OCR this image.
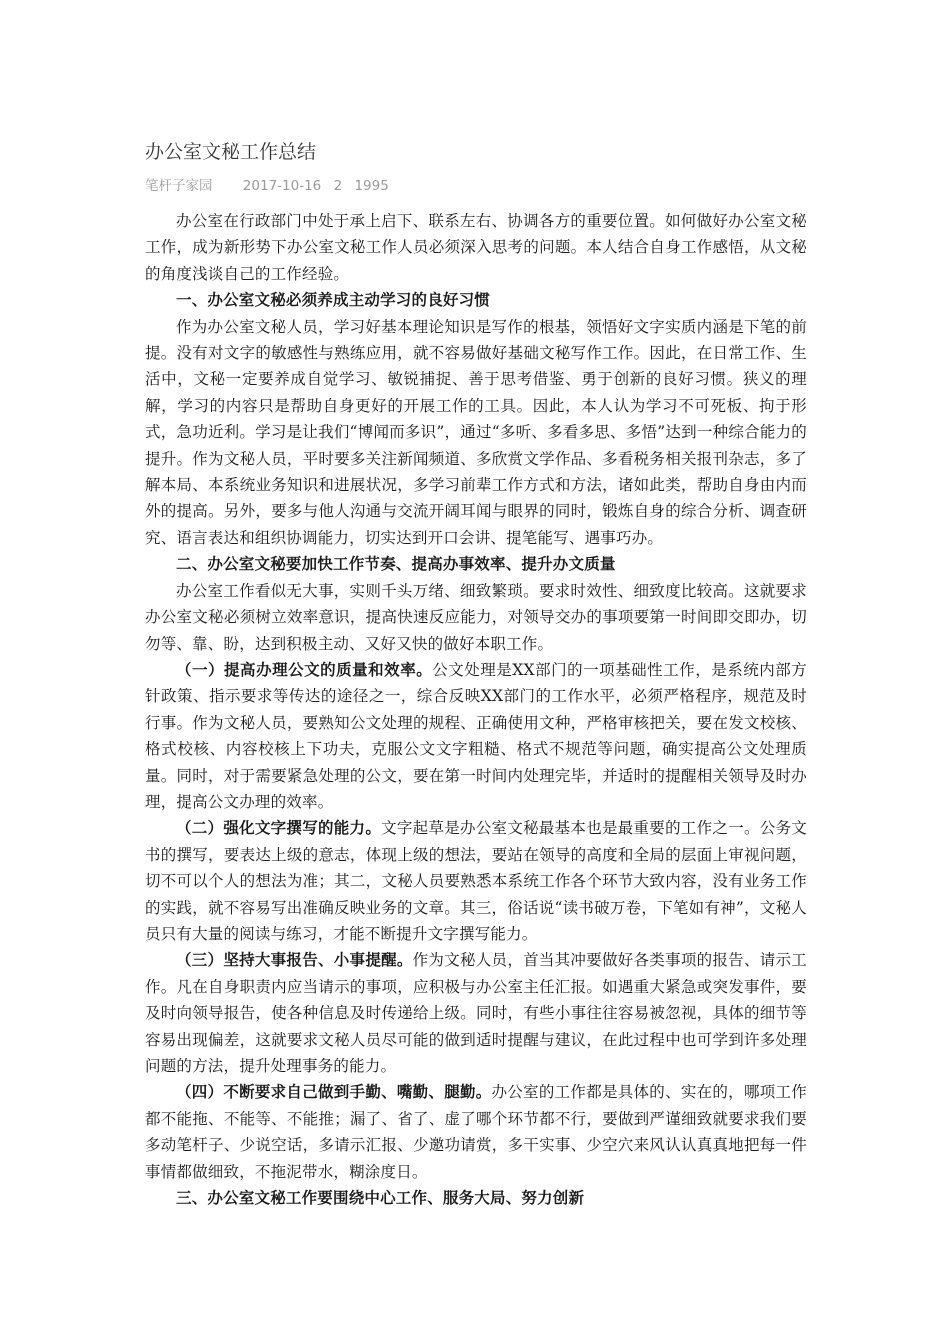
办公室文秘工作总结
笔杆子家园 2017-10-16 2 1995

办公室在行政部门中处于承上启下、联系左右、协调各方的重要位置。如何做好办公室文秘工作，成为新形势下办公室文秘工作人员必须深入思考的问题。本人结合自身工作感悟，从文秘的角度浅谈自己的工作经验。

一、办公室文秘必须养成主动学习的良好习惯

作为办公室文秘人员，学习好基本理论知识是写作的根基，领悟好文字实质内涵是下笔的前提。没有对文字的敏感性与熟练应用，就不容易做好基础文秘写作工作。因此，在日常工作、生活中，文秘一定要养成自觉学习、敏锐捕捉、善于思考借鉴、勇于创新的良好习惯。狭义的理解，学习的内容只是帮助自身更好的开展工作的工具。因此，本人认为学习不可死板、拘于形式，急功近利。学习是让我们“博闻而多识”，通过“多听、多看多思、多悟”达到一种综合能力的提升。作为文秘人员，平时要多关注新闻频道、多欣赏文学作品、多看税务相关报刊杂志，多了解本局、本系统业务知识和进展状况，多学习前辈工作方式和方法，诸如此类，帮助自身由内而外的提高。另外，要多与他人沟通与交流开阔耳闻与眼界的同时，锻炼自身的综合分析、调查研究、语言表达和组织协调能力，切实达到开口会讲、提笔能写、遇事巧办。

二、办公室文秘要加快工作节奏、提高办事效率、提升办文质量

办公室工作看似无大事，实则千头万绪、细致繁琐。要求时效性、细致度比较高。这就要求办公室文秘必须树立效率意识，提高快速反应能力，对领导交办的事项要第一时间即交即办，切勿等、靠、盼，达到积极主动、又好又快的做好本职工作。

（一）提高办理公文的质量和效率。公文处理是XX部门的一项基础性工作，是系统内部方针政策、指示要求等传达的途径之一，综合反映XX部门的工作水平，必须严格程序，规范及时行事。作为文秘人员，要熟知公文处理的规程、正确使用文种，严格审核把关，要在发文校核、格式校核、内容校核上下功夫，克服公文文字粗糙、格式不规范等问题，确实提高公文处理质量。同时，对于需要紧急处理的公文，要在第一时间内处理完毕，并适时的提醒相关领导及时办理，提高公文办理的效率。

（二）强化文字撰写的能力。文字起草是办公室文秘最基本也是最重要的工作之一。公务文书的撰写，要表达上级的意志，体现上级的想法，要站在领导的高度和全局的层面上审视问题，切不可以个人的想法为准；其二，文秘人员要熟悉本系统工作各个环节大致内容，没有业务工作的实践，就不容易写出准确反映业务的文章。其三，俗话说“读书破万卷，下笔如有神”，文秘人员只有大量的阅读与练习，才能不断提升文字撰写能力。

（三）坚持大事报告、小事提醒。作为文秘人员，首当其冲要做好各类事项的报告、请示工作。凡在自身职责内应当请示的事项，应积极与办公室主任汇报。如遇重大紧急或突发事件，要及时向领导报告，使各种信息及时传递给上级。同时，有些小事往往容易被忽视，具体的细节等容易出现偏差，这就要求文秘人员尽可能的做到适时提醒与建议，在此过程中也可学到许多处理问题的方法，提升处理事务的能力。

（四）不断要求自己做到手勤、嘴勤、腿勤。办公室的工作都是具体的、实在的，哪项工作都不能拖、不能等、不能推；漏了、省了、虚了哪个环节都不行，要做到严谨细致就要求我们要多动笔杆子、少说空话，多请示汇报、少邀功请赏，多干实事、少空穴来风认认真真地把每一件事情都做细致，不拖泥带水，糊涂度日。

三、办公室文秘工作要围绕中心工作、服务大局、努力创新
